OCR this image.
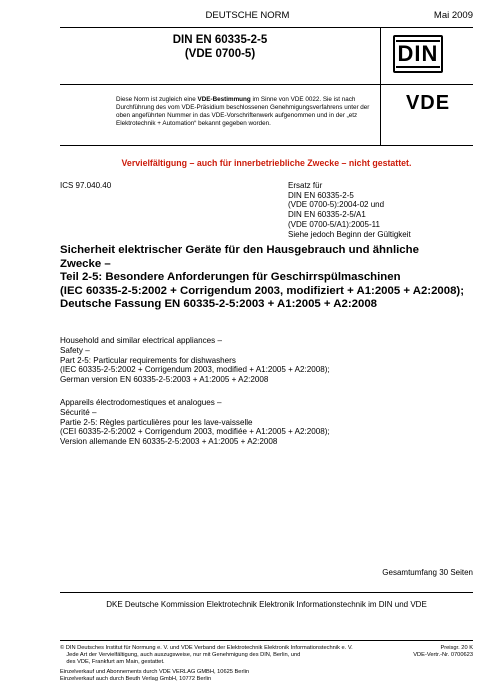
DEUTSCHE NORM	Mai 2009
DIN EN 60335-2-5
(VDE 0700-5)	DIN
Diese Norm ist zugleich eine VDE-Bestimmung im Sinne von VDE 0022. Sie ist nach Durchführung des vom VDE-Präsidium beschlossenen Genehmigungsverfahrens unter der oben angeführten Nummer in das VDE-Vorschriftenwerk aufgenommen und in der „etz Elektrotechnik + Automation“ bekannt gegeben worden.
VDE
Vervielfältigung – auch für innerbetriebliche Zwecke – nicht gestattet.
ICS 97.040.40	Ersatz für
DIN EN 60335-2-5
(VDE 0700-5):2004-02 und
DIN EN 60335-2-5/A1
(VDE 0700-5/A1):2005-11
Siehe jedoch Beginn der Gültigkeit
Sicherheit elektrischer Geräte für den Hausgebrauch und ähnliche
Zwecke –
Teil 2-5: Besondere Anforderungen für Geschirrspülmaschinen
(IEC 60335-2-5:2002 + Corrigendum 2003, modifiziert + A1:2005 + A2:2008);
Deutsche Fassung EN 60335-2-5:2003 + A1:2005 + A2:2008
Household and similar electrical appliances –
Safety –
Part 2-5: Particular requirements for dishwashers
(IEC 60335-2-5:2002 + Corrigendum 2003, modified + A1:2005 + A2:2008);
German version EN 60335-2-5:2003 + A1:2005 + A2:2008
Appareils électrodomestiques et analogues –
Sécurité –
Partie 2-5: Règles particulières pour les lave-vaisselle
(CEI 60335-2-5:2002 + Corrigendum 2003, modifiée + A1:2005 + A2:2008);
Version allemande EN 60335-2-5:2003 + A1:2005 + A2:2008
Gesamtumfang 30 Seiten
DKE Deutsche Kommission Elektrotechnik Elektronik Informationstechnik im DIN und VDE
© DIN Deutsches Institut für Normung e. V. und VDE Verband der Elektrotechnik Elektronik Informationstechnik e. V.
Jede Art der Vervielfältigung, auch auszugsweise, nur mit Genehmigung des DIN, Berlin, und
des VDE, Frankfurt am Main, gestattet.
Einzelverkauf und Abonnements durch VDE VERLAG GMBH, 10625 Berlin
Einzelverkauf auch durch Beuth Verlag GmbH, 10772 Berlin
Preisgr. 20 K
VDE-Vertr.-Nr. 0700623
